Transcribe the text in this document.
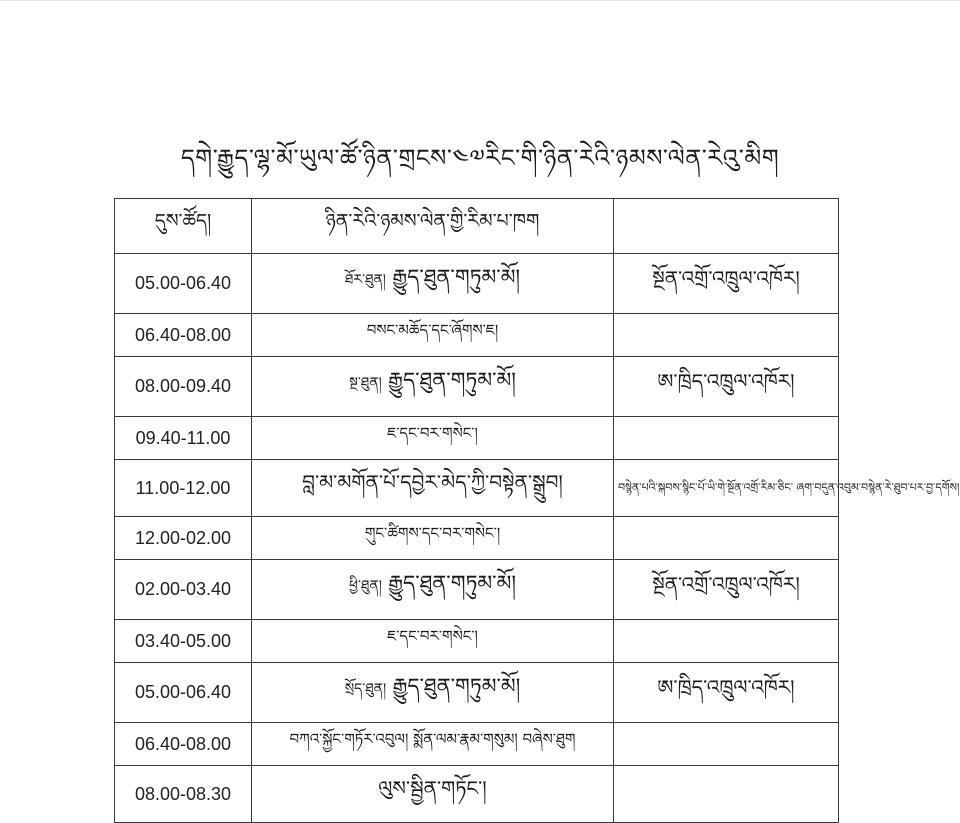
དགེ་རྒྱུད་ལྷ་མོ་ཡུལ་ཚོ་ཉིན་གྲངས་༤༧རིང་གི་ཉིན་རེའི་ཉམས་ལེན་རེའུ་མིག
དུས་ཚོད།	ཉིན་རེའི་ཉམས་ལེན་གྱི་རིམ་པ་ཁག	
05.00-06.40	ཐོར་ཐུན། རྒྱུད་ཐུན་གཏུམ་མོ།	སྔོན་འགྲོ་འཁྲུལ་འཁོར།
06.40-08.00	བསང་མཆོད་དང་ཞོགས་ཇ།	
08.00-09.40	སྔ་ཐུན། རྒྱུད་ཐུན་གཏུམ་མོ།	ཨ་ཁྲིད་འཁྲུལ་འཁོར།
09.40-11.00	ཇ་དང་བར་གསེང་།	
11.00-12.00	བླ་མ་མགོན་པོ་དབྱེར་མེད་ཀྱི་བསྟེན་སྒྲུབ།	བསྙེན་པའི་སྐབས་སྙིང་པོ་ཡི་གེ་སྔོན་འགྲོ་རིམ་ཅིང་ ཞག་བདུན་འབུམ་བསྙེན་རེ་ཐུབ་པར་བྱ་དགོས།
12.00-02.00	གུང་ཚིགས་དང་བར་གསེང་།	
02.00-03.40	ཕྱི་ཐུན། རྒྱུད་ཐུན་གཏུམ་མོ།	སྔོན་འགྲོ་འཁྲུལ་འཁོར།
03.40-05.00	ཇ་དང་བར་གསེང་།	
05.00-06.40	སྲོད་ཐུན། རྒྱུད་ཐུན་གཏུམ་མོ།	ཨ་ཁྲིད་འཁྲུལ་འཁོར།
06.40-08.00	བཀའ་སྐྱོང་གཏོར་འབུལ། སྨོན་ལམ་རྣམ་གསུམ། བཞེས་ཐུག	
08.00-08.30	ལུས་སྦྱིན་གཏོང་།	
